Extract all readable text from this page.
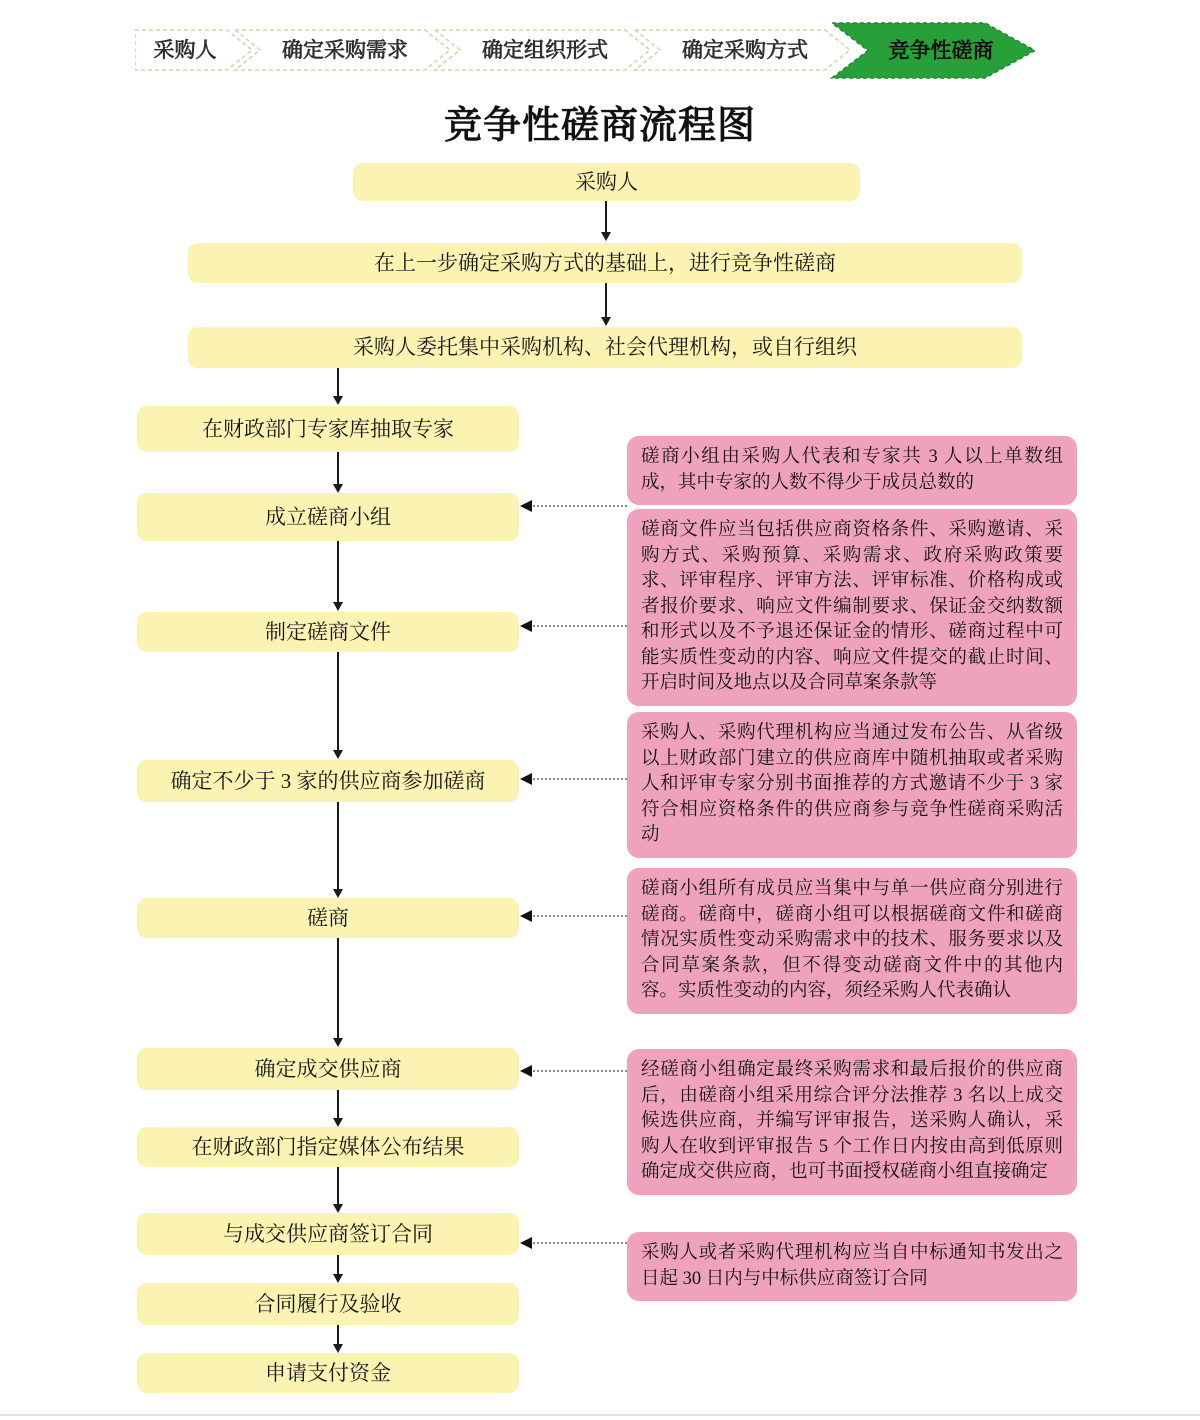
采购人	确定采购需求	确定组织形式	确定采购方式	竞争性磋商
竞争性磋商流程图
采购人
在上一步确定采购方式的基础上，进行竞争性磋商
采购人委托集中采购机构、社会代理机构，或自行组织
在财政部门专家库抽取专家
成立磋商小组
制定磋商文件
确定不少于 3 家的供应商参加磋商
磋商
确定成交供应商
在财政部门指定媒体公布结果
与成交供应商签订合同
合同履行及验收
申请支付资金
磋商小组由采购人代表和专家共 3 人以上单数组成，其中专家的人数不得少于成员总数的
磋商文件应当包括供应商资格条件、采购邀请、采购方式、采购预算、采购需求、政府采购政策要求、评审程序、评审方法、评审标准、价格构成或者报价要求、响应文件编制要求、保证金交纳数额和形式以及不予退还保证金的情形、磋商过程中可能实质性变动的内容、响应文件提交的截止时间、开启时间及地点以及合同草案条款等
采购人、采购代理机构应当通过发布公告、从省级以上财政部门建立的供应商库中随机抽取或者采购人和评审专家分别书面推荐的方式邀请不少于 3 家符合相应资格条件的供应商参与竞争性磋商采购活动
磋商小组所有成员应当集中与单一供应商分别进行磋商。磋商中，磋商小组可以根据磋商文件和磋商情况实质性变动采购需求中的技术、服务要求以及合同草案条款，但不得变动磋商文件中的其他内容。实质性变动的内容，须经采购人代表确认
经磋商小组确定最终采购需求和最后报价的供应商后，由磋商小组采用综合评分法推荐 3 名以上成交候选供应商，并编写评审报告，送采购人确认，采购人在收到评审报告 5 个工作日内按由高到低原则确定成交供应商，也可书面授权磋商小组直接确定
采购人或者采购代理机构应当自中标通知书发出之日起 30 日内与中标供应商签订合同
